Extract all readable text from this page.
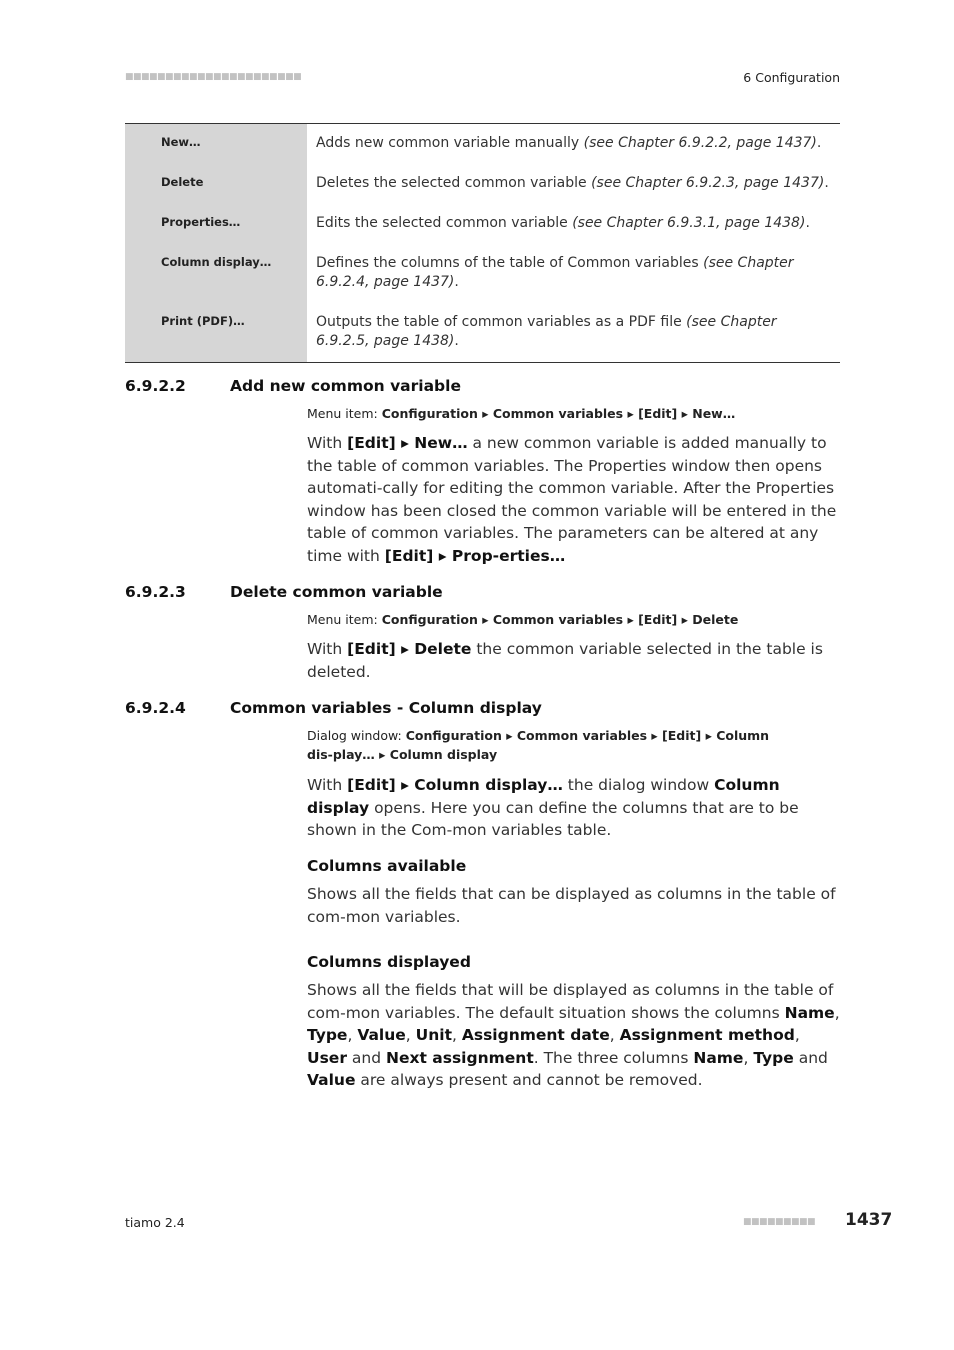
■■■■■■■■■■■■■■■■■■■■■■	6 Configuration
New…	Adds new common variable manually (see Chapter 6.9.2.2, page 1437).
Delete	Deletes the selected common variable (see Chapter 6.9.2.3, page 1437).
Properties…	Edits the selected common variable (see Chapter 6.9.3.1, page 1438).
Column display…	Defines the columns of the table of Common variables (see Chapter 6.9.2.4, page 1437).
Print (PDF)…	Outputs the table of common variables as a PDF file (see Chapter 6.9.2.5, page 1438).
6.9.2.2	Add new common variable
Menu item: Configuration ▸ Common variables ▸ [Edit] ▸ New…
With [Edit] ▸ New… a new common variable is added manually to the table of common variables. The Properties window then opens automati-cally for editing the common variable. After the Properties window has been closed the common variable will be entered in the table of common variables. The parameters can be altered at any time with [Edit] ▸ Prop-erties…
6.9.2.3	Delete common variable
Menu item: Configuration ▸ Common variables ▸ [Edit] ▸ Delete
With [Edit] ▸ Delete the common variable selected in the table is deleted.
6.9.2.4	Common variables - Column display
Dialog window: Configuration ▸ Common variables ▸ [Edit] ▸ Column dis-play… ▸ Column display
With [Edit] ▸ Column display… the dialog window Column display opens. Here you can define the columns that are to be shown in the Com-mon variables table.
Columns available
Shows all the fields that can be displayed as columns in the table of com-mon variables.
Columns displayed
Shows all the fields that will be displayed as columns in the table of com-mon variables. The default situation shows the columns Name, Type, Value, Unit, Assignment date, Assignment method, User and Next assignment. The three columns Name, Type and Value are always present and cannot be removed.
tiamo 2.4	■■■■■■■■■ 1437
